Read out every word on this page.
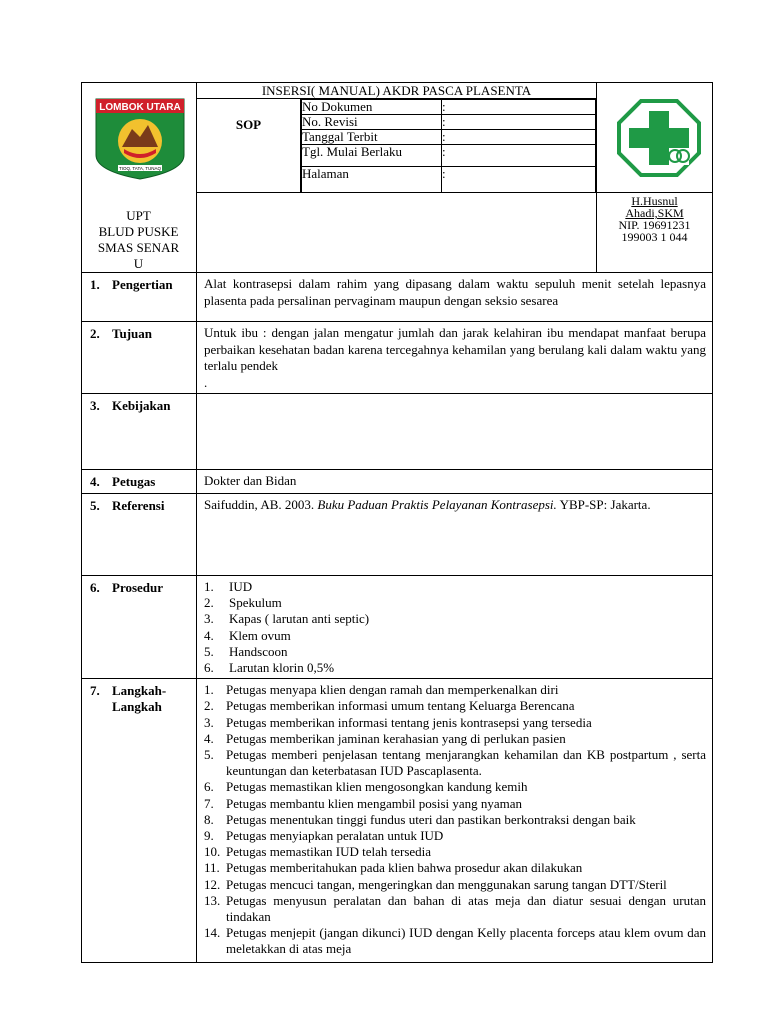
LOMBOK UTARA
TIOQ, TATA, TUNAQ

INSERSI( MANUAL) AKDR PASCA PLASENTA
SOP
No Dokumen	:
No. Revisi	:
Tanggal Terbit	:
Tgl. Mulai Berlaku	:
Halaman	:

H.Husnul
Ahadi,SKM
NIP. 19691231
199003 1 044

1. Pengertian	Alat kontrasepsi dalam rahim yang dipasang dalam waktu sepuluh menit setelah lepasnya plasenta pada persalinan pervaginam maupun dengan seksio sesarea
2. Tujuan	Untuk ibu : dengan jalan mengatur jumlah dan jarak kelahiran ibu mendapat manfaat berupa perbaikan kesehatan badan karena tercegahnya kehamilan yang berulang kali dalam waktu yang terlalu pendek
.

3. Kebijakan	
4. Petugas	Dokter dan Bidan
5. Referensi	Saifuddin, AB. 2003. Buku Paduan Praktis Pelayanan Kontrasepsi. YBP-SP: Jakarta.
6. Prosedur	1.	IUD
2.	Spekulum
3.	Kapas ( larutan anti septic)
4.	Klem ovum
5.	Handscoon
6.	Larutan klorin 0,5%

7. Langkah-
Langkah

1. Petugas menyapa klien dengan ramah dan memperkenalkan diri
2. Petugas memberikan informasi umum tentang Keluarga Berencana
3. Petugas memberikan informasi tentang jenis kontrasepsi yang tersedia
4. Petugas memberikan jaminan kerahasian yang di perlukan pasien
5. Petugas memberi penjelasan tentang menjarangkan kehamilan dan KB postpartum , serta keuntungan dan keterbatasan IUD Pascaplasenta.
6. Petugas memastikan klien mengosongkan kandung kemih
7. Petugas membantu klien mengambil posisi yang nyaman
8. Petugas menentukan tinggi fundus uteri dan pastikan berkontraksi dengan baik
9. Petugas menyiapkan peralatan untuk IUD
10. Petugas memastikan IUD telah tersedia
11. Petugas memberitahukan pada klien bahwa prosedur akan dilakukan
12. Petugas mencuci tangan, mengeringkan dan menggunakan sarung tangan DTT/Steril
13. Petugas menyusun peralatan dan bahan di atas meja dan diatur sesuai dengan urutan tindakan
14. Petugas menjepit (jangan dikunci) IUD dengan Kelly placenta forceps atau klem ovum dan meletakkan di atas meja
UPT
BLUD PUSKE
SMAS SENAR
U
